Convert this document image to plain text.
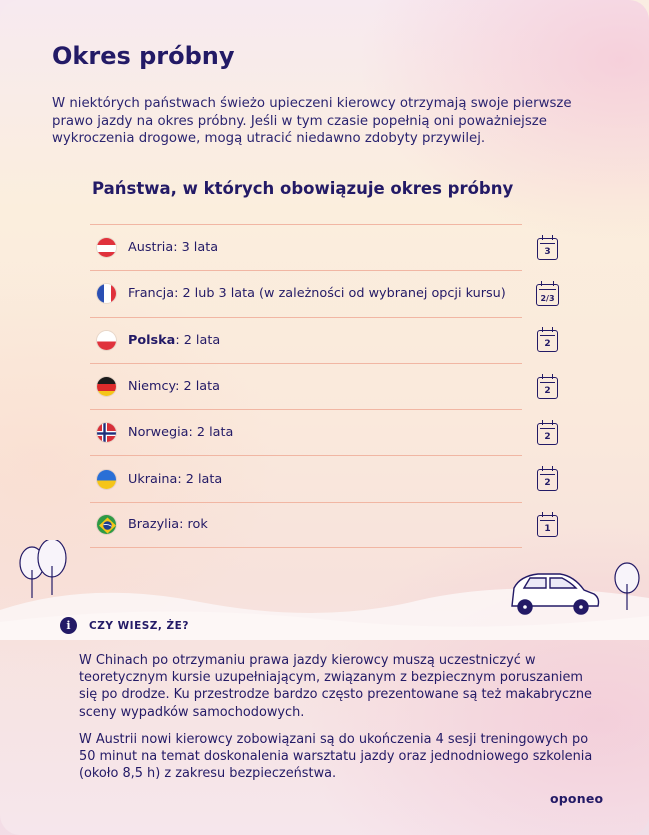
Okres próbny

W niektórych państwach świeżo upieczeni kierowcy otrzymają swoje pierwsze prawo jazdy na okres próbny. Jeśli w tym czasie popełnią oni poważniejsze wykroczenia drogowe, mogą utracić niedawno zdobyty przywilej.

Państwa, w których obowiązuje okres próbny
Austria: 3 lata
Francja: 2 lub 3 lata (w zależności od wybranej opcji kursu)
Polska: 2 lata
Niemcy: 2 lata
Norwegia: 2 lata
Ukraina: 2 lata
Brazylia: rok
3
2/3
2
2
2
2
1
i	CZY WIESZ, ŻE?

W Chinach po otrzymaniu prawa jazdy kierowcy muszą uczestniczyć w teoretycznym kursie uzupełniającym, związanym z bezpiecznym poruszaniem się po drodze. Ku przestrodze bardzo często prezentowane są też makabryczne sceny wypadków samochodowych.

W Austrii nowi kierowcy zobowiązani są do ukończenia 4 sesji treningowych po 50 minut na temat doskonalenia warsztatu jazdy oraz jednodniowego szkolenia (około 8,5 h) z zakresu bezpieczeństwa.

oponeo
